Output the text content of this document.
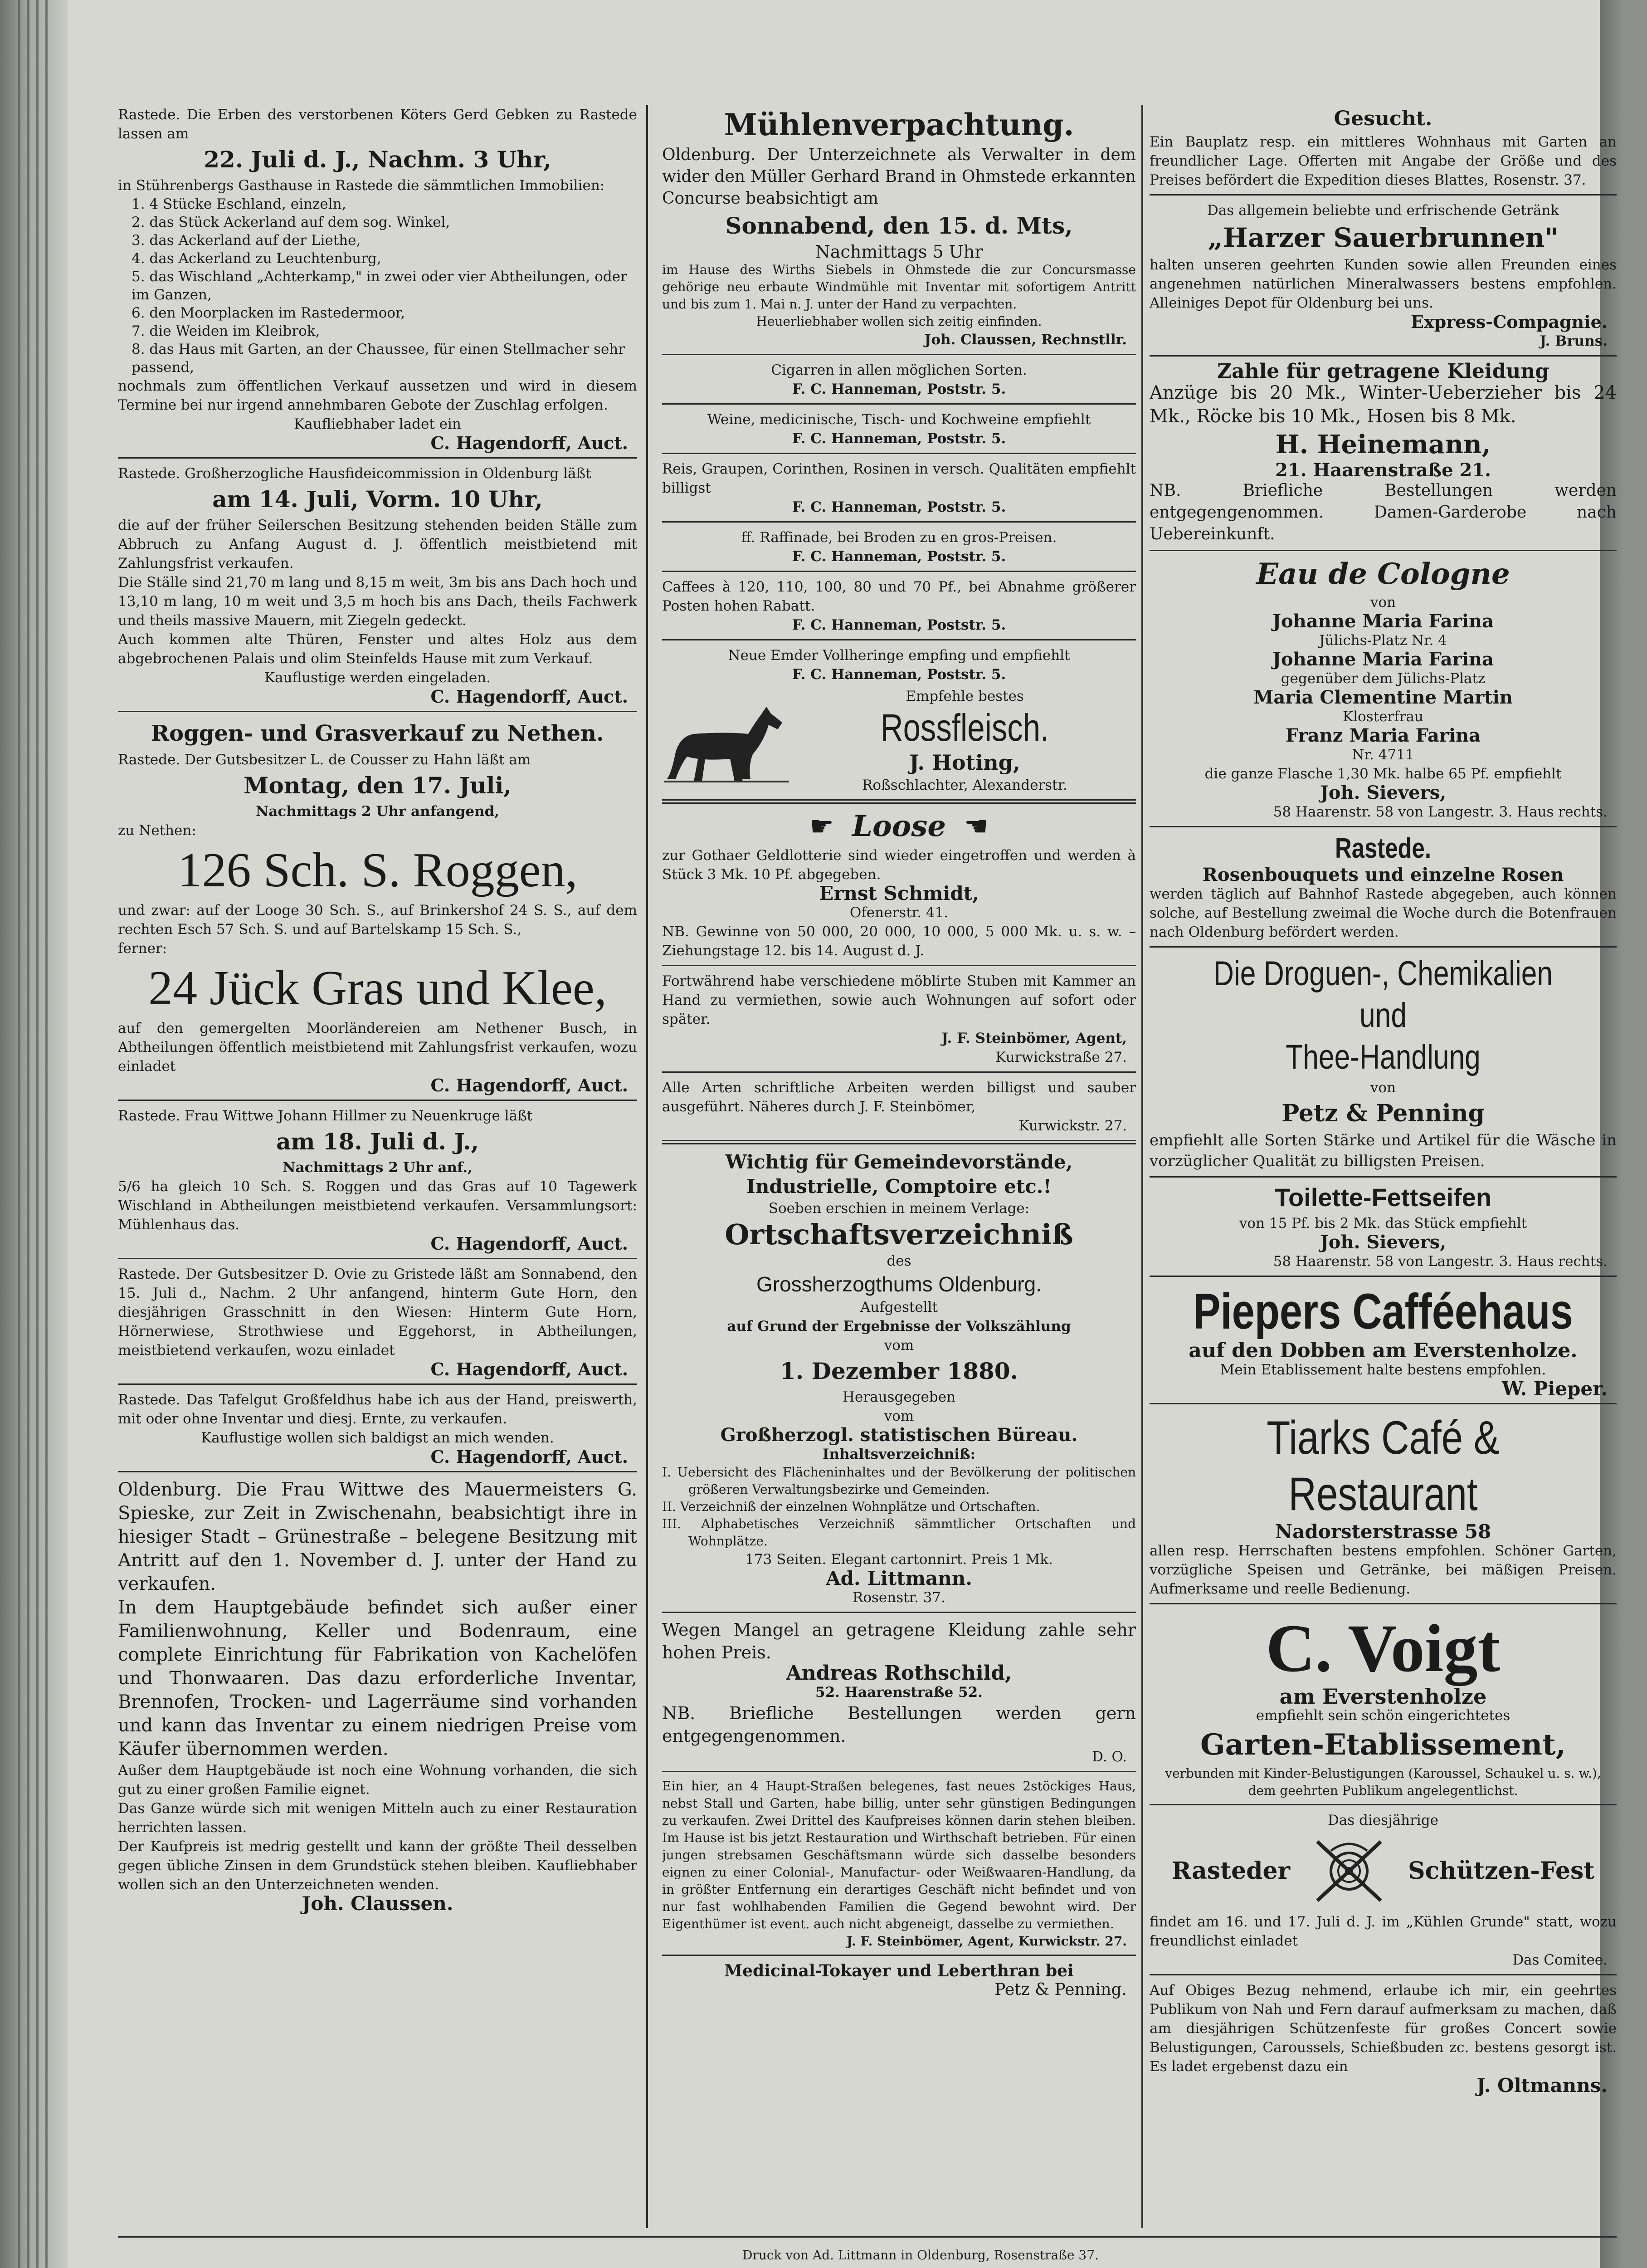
Rastede. Die Erben des verstorbenen Köters Gerd Gebken zu Rastede lassen am

22. Juli d. J., Nachm. 3 Uhr,

in Stührenbergs Gasthause in Rastede die sämmtlichen Immobilien:

1. 4 Stücke Eschland, einzeln,

2. das Stück Ackerland auf dem sog. Winkel,

3. das Ackerland auf der Liethe,

4. das Ackerland zu Leuchtenburg,

5. das Wischland „Achterkamp," in zwei oder vier Abtheilungen, oder im Ganzen,

6. den Moorplacken im Rastedermoor,

7. die Weiden im Kleibrok,

8. das Haus mit Garten, an der Chaussee, für einen Stellmacher sehr passend,

nochmals zum öffentlichen Verkauf aussetzen und wird in diesem Termine bei nur irgend annehmbaren Gebote der Zuschlag erfolgen.

Kaufliebhaber ladet ein

C. Hagendorff, Auct.

Rastede. Großherzogliche Hausfideicommission in Oldenburg läßt

am 14. Juli, Vorm. 10 Uhr,

die auf der früher Seilerschen Besitzung stehenden beiden Ställe zum Abbruch zu Anfang August d. J. öffentlich meistbietend mit Zahlungsfrist verkaufen.

Die Ställe sind 21,70 m lang und 8,15 m weit, 3m bis ans Dach hoch und 13,10 m lang, 10 m weit und 3,5 m hoch bis ans Dach, theils Fachwerk und theils massive Mauern, mit Ziegeln gedeckt.

Auch kommen alte Thüren, Fenster und altes Holz aus dem abgebrochenen Palais und olim Steinfelds Hause mit zum Verkauf.

Kauflustige werden eingeladen.

C. Hagendorff, Auct.

Roggen- und Grasverkauf zu Nethen.

Rastede. Der Gutsbesitzer L. de Cousser zu Hahn läßt am

Montag, den 17. Juli,

Nachmittags 2 Uhr anfangend,

zu Nethen:

126 Sch. S. Roggen,

und zwar: auf der Looge 30 Sch. S., auf Brinkershof 24 S. S., auf dem rechten Esch 57 Sch. S. und auf Bartelskamp 15 Sch. S.,

ferner:

24 Jück Gras und Klee,

auf den gemergelten Moorländereien am Nethener Busch, in Abtheilungen öffentlich meistbietend mit Zahlungsfrist verkaufen, wozu einladet

C. Hagendorff, Auct.

Rastede. Frau Wittwe Johann Hillmer zu Neuenkruge läßt

am 18. Juli d. J.,

Nachmittags 2 Uhr anf.,

5/6 ha gleich 10 Sch. S. Roggen und das Gras auf 10 Tagewerk Wischland in Abtheilungen meistbietend verkaufen. Versammlungsort: Mühlenhaus das.

C. Hagendorff, Auct.

Rastede. Der Gutsbesitzer D. Ovie zu Gristede läßt am Sonnabend, den 15. Juli d., Nachm. 2 Uhr anfangend, hinterm Gute Horn, den diesjährigen Grasschnitt in den Wiesen: Hinterm Gute Horn, Hörnerwiese, Strothwiese und Eggehorst, in Abtheilungen, meistbietend verkaufen, wozu einladet

C. Hagendorff, Auct.

Rastede. Das Tafelgut Großfeldhus habe ich aus der Hand, preiswerth, mit oder ohne Inventar und diesj. Ernte, zu verkaufen.

Kauflustige wollen sich baldigst an mich wenden.

C. Hagendorff, Auct.

Oldenburg. Die Frau Wittwe des Mauermeisters G. Spieske, zur Zeit in Zwischenahn, beabsichtigt ihre in hiesiger Stadt – Grünestraße – belegene Besitzung mit Antritt auf den 1. November d. J. unter der Hand zu verkaufen.

In dem Hauptgebäude befindet sich außer einer Familienwohnung, Keller und Bodenraum, eine complete Einrichtung für Fabrikation von Kachelöfen und Thonwaaren. Das dazu erforderliche Inventar, Brennofen, Trocken- und Lagerräume sind vorhanden und kann das Inventar zu einem niedrigen Preise vom Käufer übernommen werden.

Außer dem Hauptgebäude ist noch eine Wohnung vorhanden, die sich gut zu einer großen Familie eignet.

Das Ganze würde sich mit wenigen Mitteln auch zu einer Restauration herrichten lassen.

Der Kaufpreis ist medrig gestellt und kann der größte Theil desselben gegen übliche Zinsen in dem Grundstück stehen bleiben. Kaufliebhaber wollen sich an den Unterzeichneten wenden.

Joh. Claussen.

Mühlenverpachtung.

Oldenburg. Der Unterzeichnete als Verwalter in dem wider den Müller Gerhard Brand in Ohmstede erkannten Concurse beabsichtigt am

Sonnabend, den 15. d. Mts,

Nachmittags 5 Uhr

im Hause des Wirths Siebels in Ohmstede die zur Concursmasse gehörige neu erbaute Windmühle mit Inventar mit sofortigem Antritt und bis zum 1. Mai n. J. unter der Hand zu verpachten.

Heuerliebhaber wollen sich zeitig einfinden.

Joh. Claussen, Rechnstllr.

Cigarren in allen möglichen Sorten.

F. C. Hanneman, Poststr. 5.

Weine, medicinische, Tisch- und Kochweine empfiehlt

F. C. Hanneman, Poststr. 5.

Reis, Graupen, Corinthen, Rosinen in versch. Qualitäten empfiehlt billigst

F. C. Hanneman, Poststr. 5.

ff. Raffinade, bei Broden zu en gros-Preisen.

F. C. Hanneman, Poststr. 5.

Caffees à 120, 110, 100, 80 und 70 Pf., bei Abnahme größerer Posten hohen Rabatt.

F. C. Hanneman, Poststr. 5.

Neue Emder Vollheringe empfing und empfiehlt

F. C. Hanneman, Poststr. 5.

Empfehle bestes

Rossfleisch.

J. Hoting,

Roßschlachter, Alexanderstr.

☛ Loose ☛

zur Gothaer Geldlotterie sind wieder eingetroffen und werden à Stück 3 Mk. 10 Pf. abgegeben.

Ernst Schmidt,

Ofenerstr. 41.

NB. Gewinne von 50 000, 20 000, 10 000, 5 000 Mk. u. s. w. – Ziehungstage 12. bis 14. August d. J.

Fortwährend habe verschiedene möblirte Stuben mit Kammer an Hand zu vermiethen, sowie auch Wohnungen auf sofort oder später.

J. F. Steinbömer, Agent,

Kurwickstraße 27.

Alle Arten schriftliche Arbeiten werden billigst und sauber ausgeführt. Näheres durch J. F. Steinbömer,

Kurwickstr. 27.

Wichtig für Gemeindevorstände, Industrielle, Comptoire etc.!

Soeben erschien in meinem Verlage:

Ortschaftsverzeichniß

des

Grossherzogthums Oldenburg.

Aufgestellt

auf Grund der Ergebnisse der Volkszählung

vom

1. Dezember 1880.

Herausgegeben

vom

Großherzogl. statistischen Büreau.

Inhaltsverzeichniß:

I. Uebersicht des Flächeninhaltes und der Bevölkerung der politischen größeren Verwaltungsbezirke und Gemeinden.

II. Verzeichniß der einzelnen Wohnplätze und Ortschaften.

III. Alphabetisches Verzeichniß sämmtlicher Ortschaften und Wohnplätze.

173 Seiten. Elegant cartonnirt. Preis 1 Mk.

Ad. Littmann.

Rosenstr. 37.

Wegen Mangel an getragene Kleidung zahle sehr hohen Preis.

Andreas Rothschild,

52. Haarenstraße 52.

NB. Briefliche Bestellungen werden gern entgegengenommen.

D. O.

Ein hier, an 4 Haupt-Straßen belegenes, fast neues 2stöckiges Haus, nebst Stall und Garten, habe billig, unter sehr günstigen Bedingungen zu verkaufen. Zwei Drittel des Kaufpreises können darin stehen bleiben. Im Hause ist bis jetzt Restauration und Wirthschaft betrieben. Für einen jungen strebsamen Geschäftsmann würde sich dasselbe besonders eignen zu einer Colonial-, Manufactur- oder Weißwaaren-Handlung, da in größter Entfernung ein derartiges Geschäft nicht befindet und von nur fast wohlhabenden Familien die Gegend bewohnt wird. Der Eigenthümer ist event. auch nicht abgeneigt, dasselbe zu vermiethen.

J. F. Steinbömer, Agent, Kurwickstr. 27.

Medicinal-Tokayer und Leberthran bei

Petz & Penning.

Gesucht.

Ein Bauplatz resp. ein mittleres Wohnhaus mit Garten an freundlicher Lage. Offerten mit Angabe der Größe und des Preises befördert die Expedition dieses Blattes, Rosenstr. 37.

Das allgemein beliebte und erfrischende Getränk

„Harzer Sauerbrunnen"

halten unseren geehrten Kunden sowie allen Freunden eines angenehmen natürlichen Mineralwassers bestens empfohlen. Alleiniges Depot für Oldenburg bei uns.

Express-Compagnie.

J. Bruns.

Zahle für getragene Kleidung

Anzüge bis 20 Mk., Winter-Ueberzieher bis 24 Mk., Röcke bis 10 Mk., Hosen bis 8 Mk.

H. Heinemann,

21. Haarenstraße 21.

NB. Briefliche Bestellungen werden entgegengenommen. Damen-Garderobe nach Uebereinkunft.

Eau de Cologne

von

Johanne Maria Farina

Jülichs-Platz Nr. 4

Johanne Maria Farina

gegenüber dem Jülichs-Platz

Maria Clementine Martin

Klosterfrau

Franz Maria Farina

Nr. 4711

die ganze Flasche 1,30 Mk. halbe 65 Pf. empfiehlt

Joh. Sievers,

58 Haarenstr. 58 von Langestr. 3. Haus rechts.

Rastede.

Rosenbouquets und einzelne Rosen

werden täglich auf Bahnhof Rastede abgegeben, auch können solche, auf Bestellung zweimal die Woche durch die Botenfrauen nach Oldenburg befördert werden.

Die Droguen-, Chemikalien und

Thee-Handlung

von

Petz & Penning

empfiehlt alle Sorten Stärke und Artikel für die Wäsche in vorzüglicher Qualität zu billigsten Preisen.

Toilette-Fettseifen

von 15 Pf. bis 2 Mk. das Stück empfiehlt

Joh. Sievers,

58 Haarenstr. 58 von Langestr. 3. Haus rechts.

Piepers Cafféehaus

auf den Dobben am Everstenholze.

Mein Etablissement halte bestens empfohlen.

W. Pieper.

Tiarks Café & Restaurant

Nadorsterstrasse 58

allen resp. Herrschaften bestens empfohlen. Schöner Garten, vorzügliche Speisen und Getränke, bei mäßigen Preisen. Aufmerksame und reelle Bedienung.

C. Voigt

am Everstenholze

empfiehlt sein schön eingerichtetes

Garten-Etablissement,

verbunden mit Kinder-Belustigungen (Karoussel, Schaukel u. s. w.), dem geehrten Publikum angelegentlichst.

Das diesjährige

Rasteder	Schützen-Fest

findet am 16. und 17. Juli d. J. im „Kühlen Grunde" statt, wozu freundlichst einladet

Das Comitee.

Auf Obiges Bezug nehmend, erlaube ich mir, ein geehrtes Publikum von Nah und Fern darauf aufmerksam zu machen, daß am diesjährigen Schützenfeste für großes Concert sowie Belustigungen, Caroussels, Schießbuden zc. bestens gesorgt ist. Es ladet ergebenst dazu ein

J. Oltmanns.

Druck von Ad. Littmann in Oldenburg, Rosenstraße 37.
